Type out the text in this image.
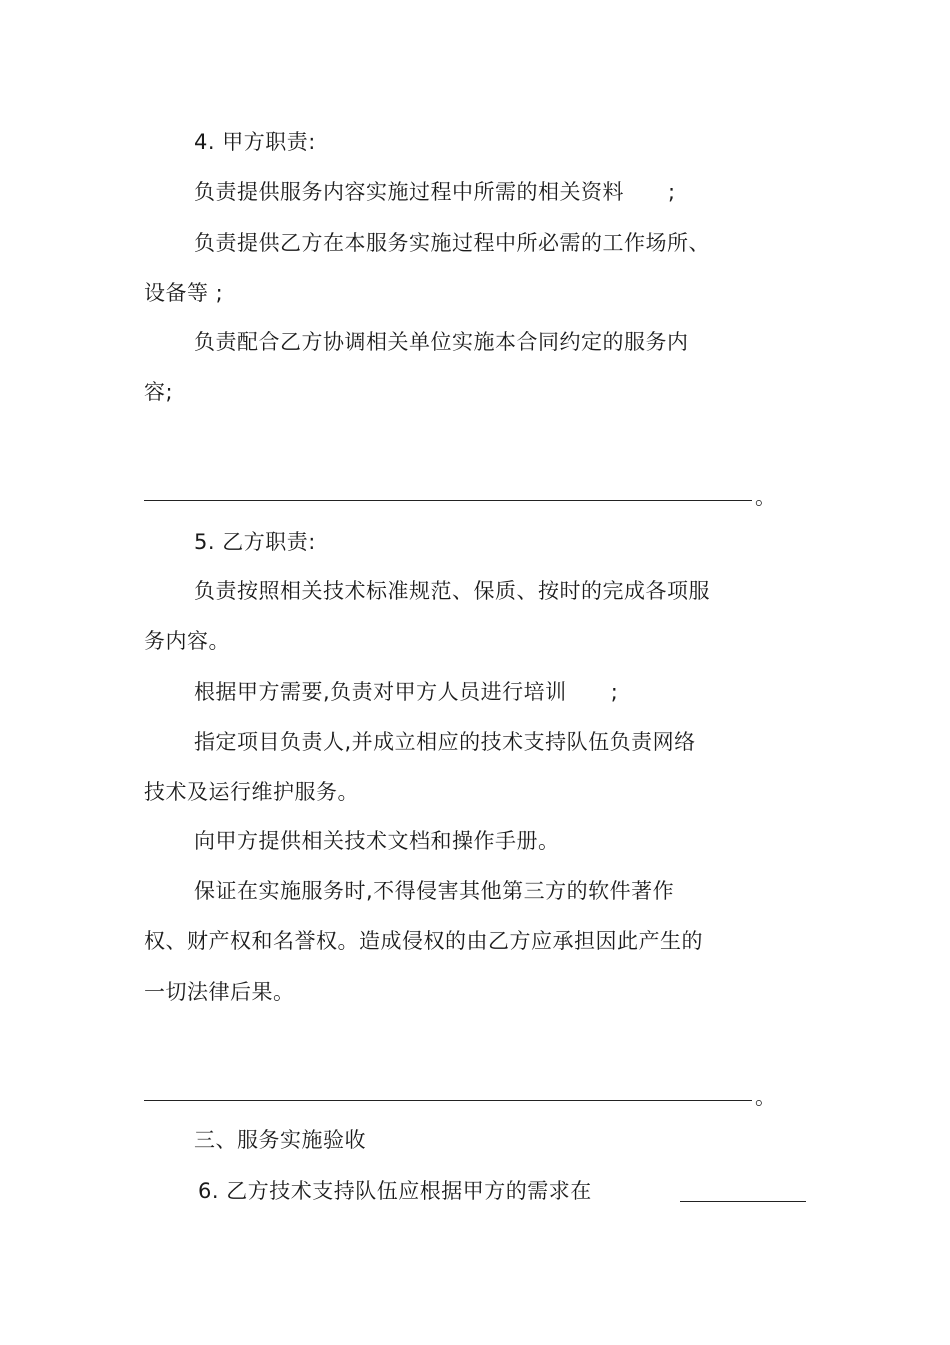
4. 甲方职责:
负责提供服务内容实施过程中所需的相关资料 ;
负责提供乙方在本服务实施过程中所必需的工作场所、
设备等 ;
负责配合乙方协调相关单位实施本合同约定的服务内
容;
。
5. 乙方职责:
负责按照相关技术标准规范、保质、按时的完成各项服
务内容。
根据甲方需要,负责对甲方人员进行培训 ;
指定项目负责人,并成立相应的技术支持队伍负责网络
技术及运行维护服务。
向甲方提供相关技术文档和操作手册。
保证在实施服务时,不得侵害其他第三方的软件著作
权、财产权和名誉权。造成侵权的由乙方应承担因此产生的
一切法律后果。
。
三、服务实施验收
6. 乙方技术支持队伍应根据甲方的需求在
